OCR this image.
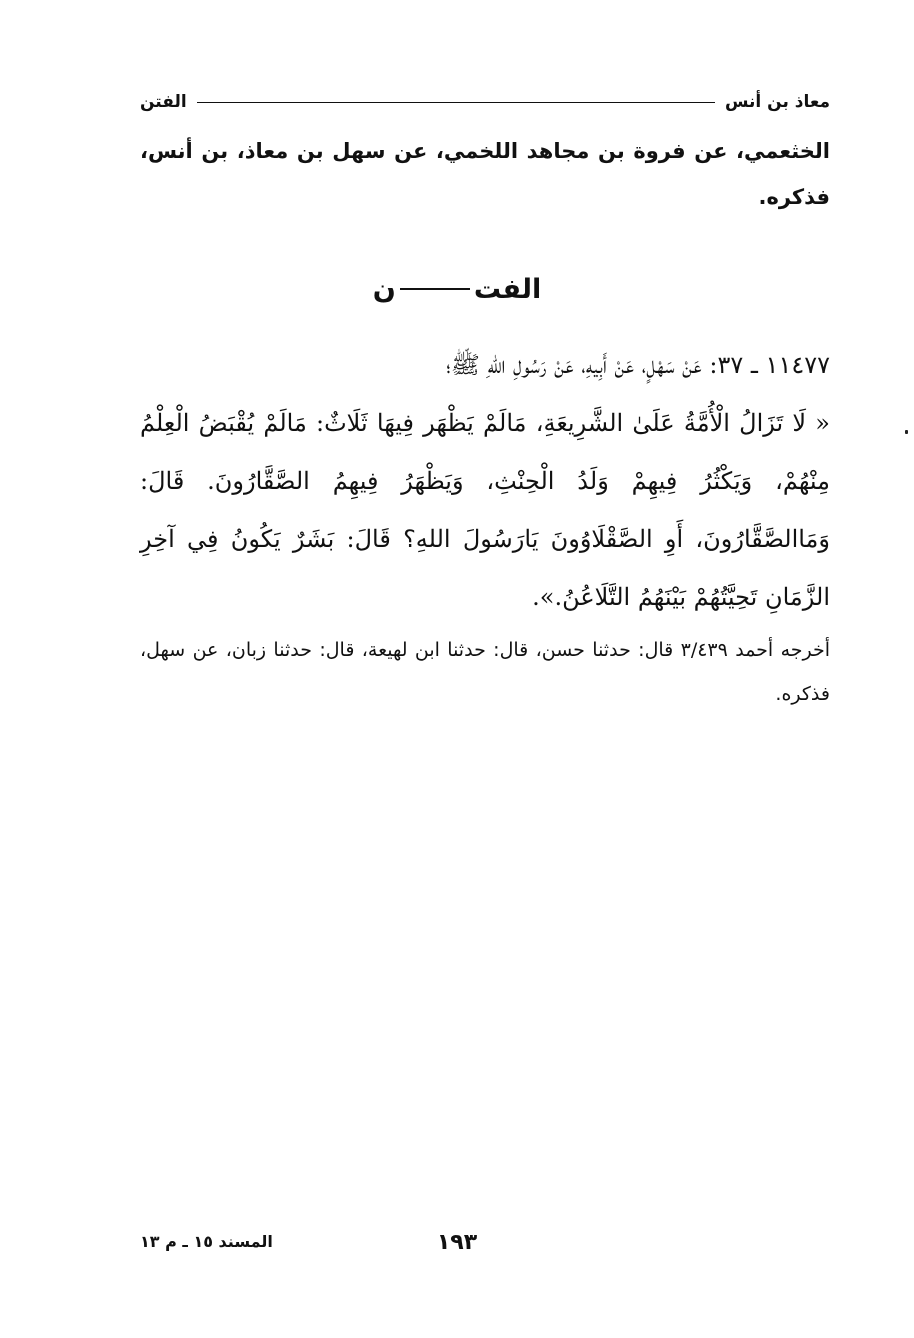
الفتن	معاذ بن أنس
الخثعمي، عن فروة بن مجاهد اللخمي، عن سهل بن معاذ، بن أنس، فذكره.
الفتن

١١٤٧٧ ـ ٣٧: عَنْ سَهْلٍ، عَنْ أَبِيهِ، عَنْ رَسُولِ اللهِ ﷺ؛

« لَا تَزَالُ الْأُمَّةُ عَلَىٰ الشَّرِيعَةِ، مَالَمْ يَظْهَر فِيهَا ثَلَاثٌ: مَالَمْ يُقْبَضُ الْعِلْمُ مِنْهُمْ، وَيَكْثُرُ فِيهِمْ وَلَدُ الْحِنْثِ، وَيَظْهَرُ فِيهِمُ الصَّقَّارُونَ. قَالَ: وَمَاالصَّقَّارُونَ، أَوِ الصَّقْلَاوُونَ يَارَسُولَ اللهِ؟ قَالَ: بَشَرٌ يَكُونُ فِي آخِرِ الزَّمَانِ تَحِيَّتُهُمْ بَيْنَهُمُ التَّلَاعُنُ.».

أخرجه أحمد ٣/٤٣٩ قال: حدثنا حسن، قال: حدثنا ابن لهيعة، قال: حدثنا زبان، عن سهل، فذكره.

١٩٣
المسند ١٥ ـ م ١٣
